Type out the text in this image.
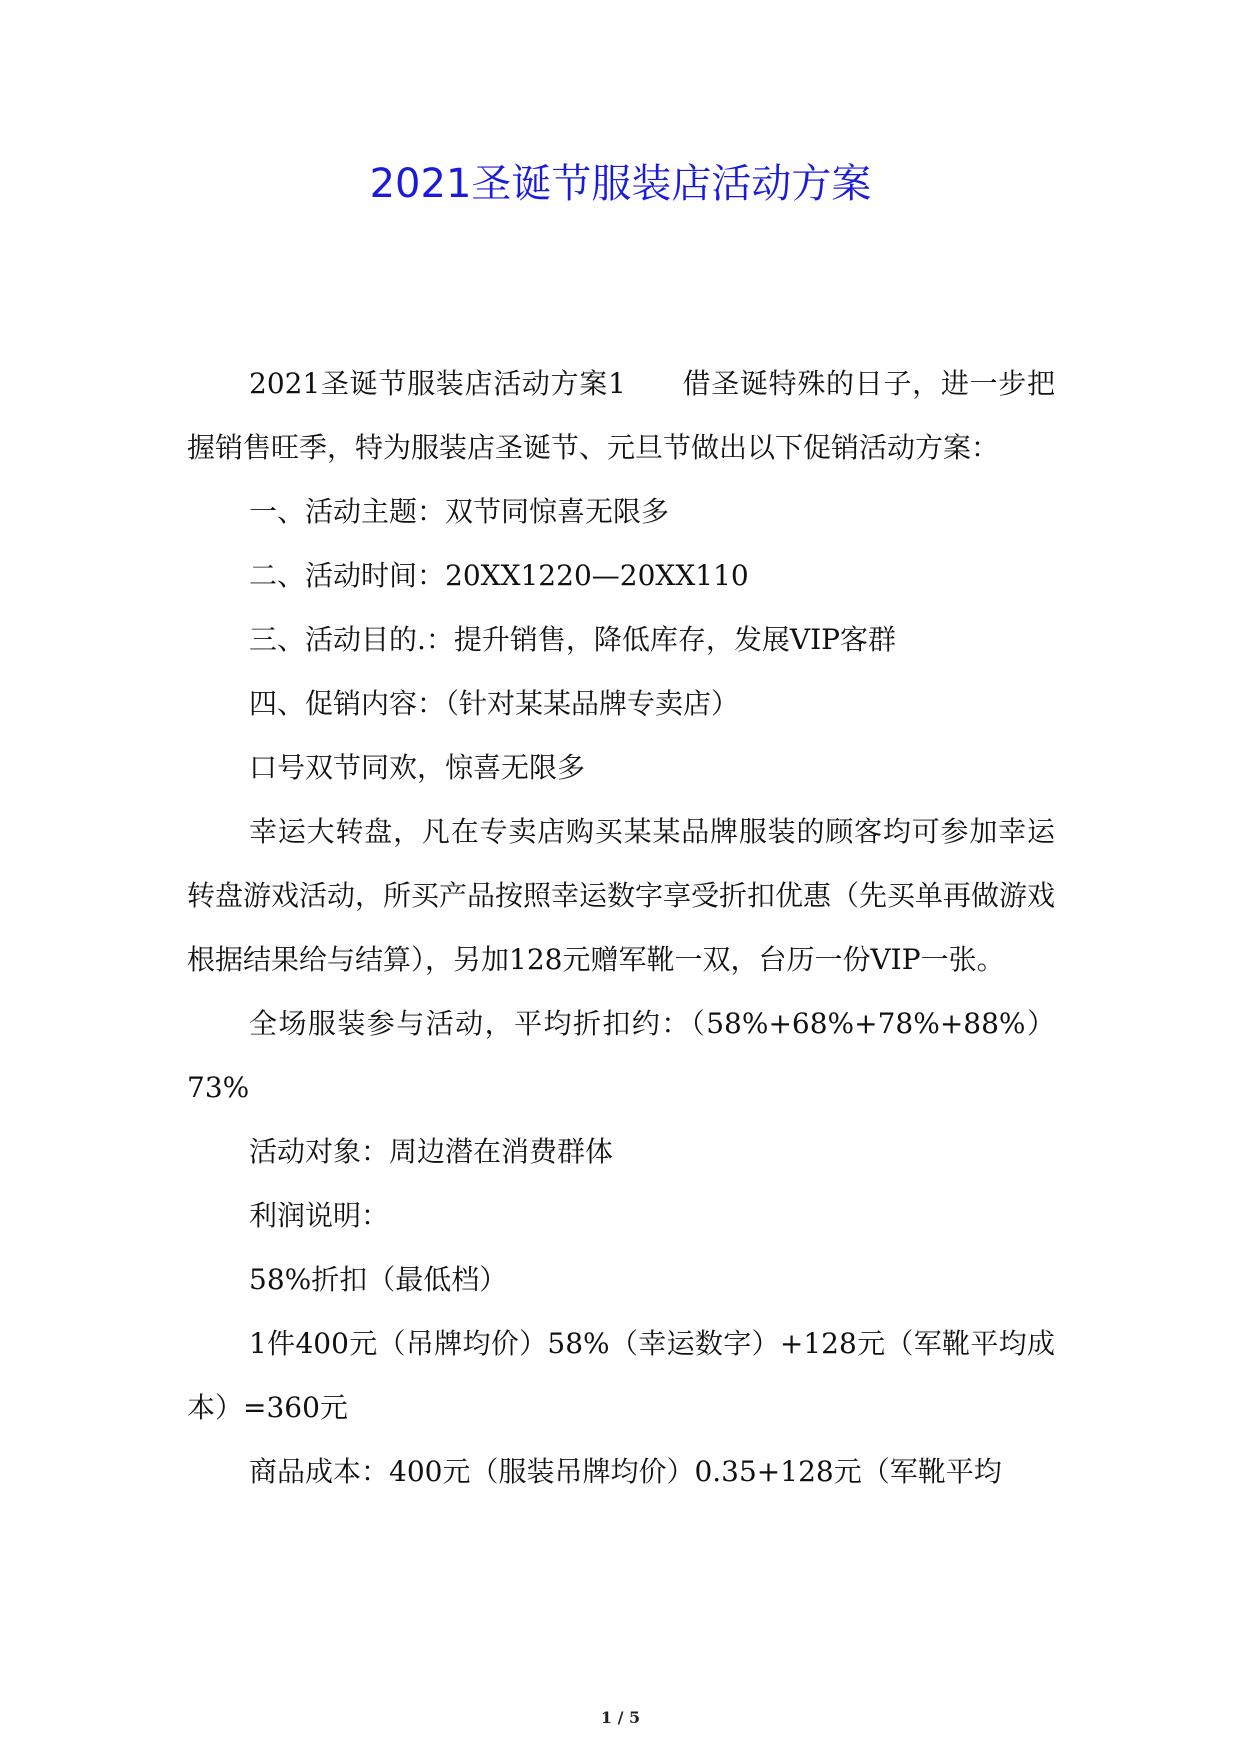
2021圣诞节服装店活动方案

2021圣诞节服装店活动方案1 借圣诞特殊的日子，进一步把握销售旺季，特为服装店圣诞节、元旦节做出以下促销活动方案：

一、活动主题：双节同惊喜无限多

二、活动时间：20XX1220—20XX110

三、活动目的.：提升销售，降低库存，发展VIP客群

四、促销内容：（针对某某品牌专卖店）

口号双节同欢，惊喜无限多

幸运大转盘，凡在专卖店购买某某品牌服装的顾客均可参加幸运转盘游戏活动，所买产品按照幸运数字享受折扣优惠（先买单再做游戏根据结果给与结算），另加128元赠军靴一双，台历一份VIP一张。

全场服装参与活动，平均折扣约：（58%+68%+78%+88%）73%

活动对象：周边潜在消费群体

利润说明：

58%折扣（最低档）

1件400元（吊牌均价）58%（幸运数字）+128元（军靴平均成本）=360元

商品成本：400元（服装吊牌均价）0.35+128元（军靴平均

1 / 5
